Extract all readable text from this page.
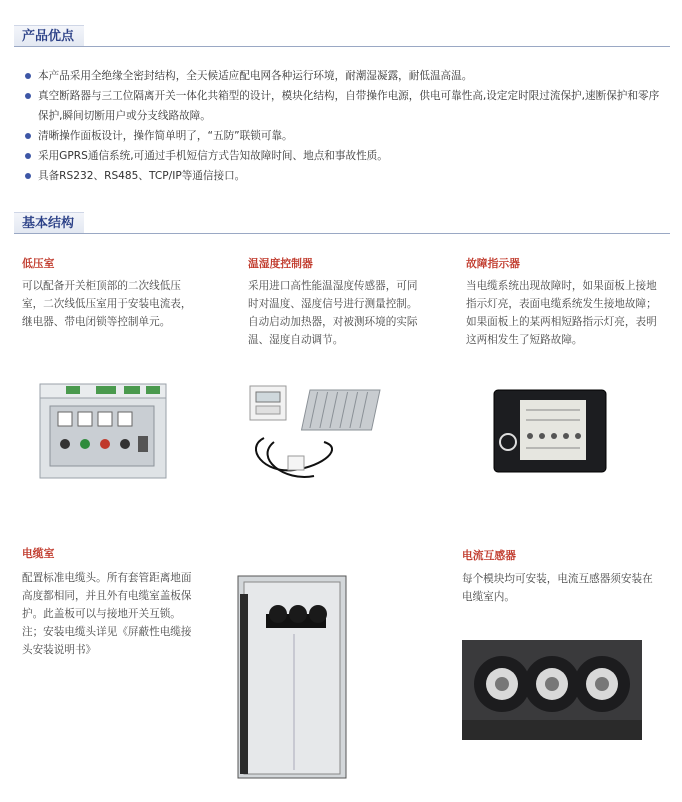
产品优点
本产品采用全绝缘全密封结构，全天候适应配电网各种运行环境，耐潮湿凝露，耐低温高温。
真空断路器与三工位隔离开关一体化共箱型的设计，模块化结构，自带操作电源，供电可靠性高,设定定时限过流保护,速断保护和零序保护,瞬间切断用户或分支线路故障。
清晰操作面板设计，操作简单明了，“五防”联锁可靠。
采用GPRS通信系统,可通过手机短信方式告知故障时间、地点和事故性质。
具备RS232、RS485、TCP/IP等通信接口。
基本结构
低压室
可以配备开关柜顶部的二次线低压室，二次线低压室用于安装电流表，继电器、带电闭锁等控制单元。
温湿度控制器
采用进口高性能温湿度传感器，可同时对温度、湿度信号进行测量控制。自动启动加热器，对被测环境的实际温、湿度自动调节。
故障指示器
当电缆系统出现故障时，如果面板上接地指示灯亮，表面电缆系统发生接地故障；如果面板上的某两相短路指示灯亮，表明这两相发生了短路故障。
电缆室
配置标准电缆头。所有套管距离地面高度都相同，并且外有电缆室盖板保护。此盖板可以与接地开关互锁。
注；安装电缆头详见《屏蔽性电缆接头安装说明书》
电流互感器
每个模块均可安装，电流互感器须安装在电缆室内。
